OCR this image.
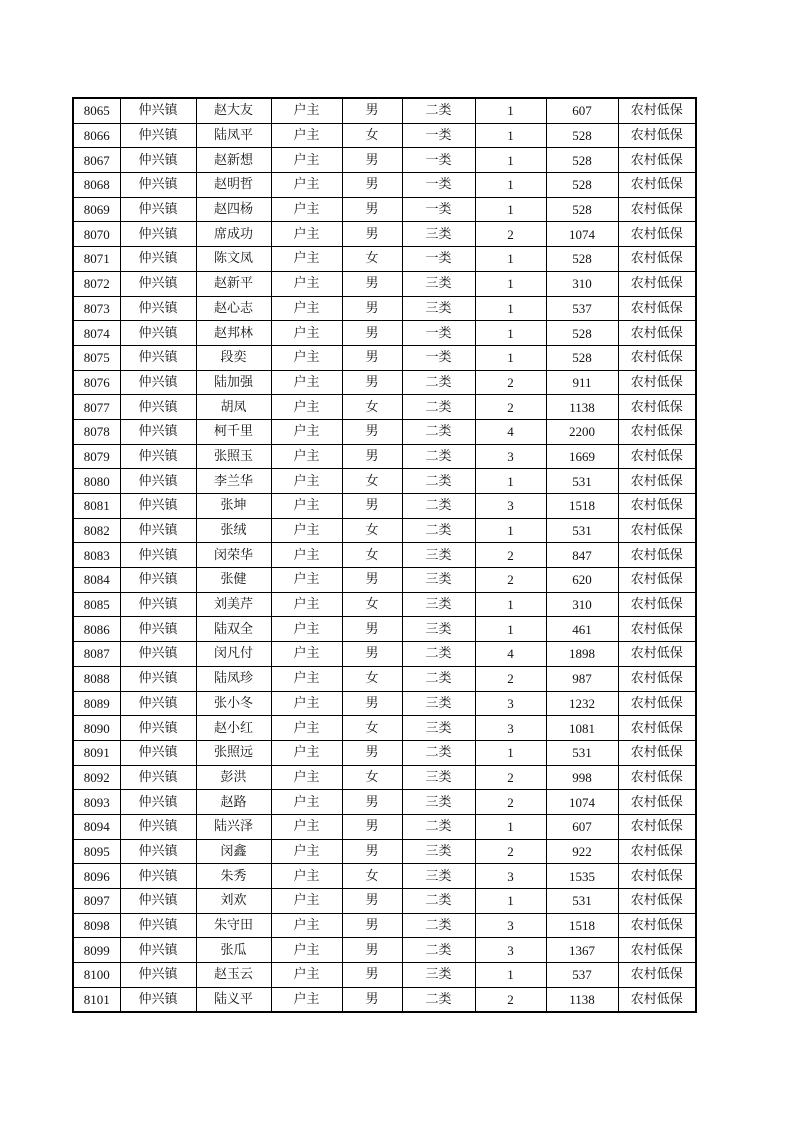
8065	仲兴镇	赵大友	户主	男	二类	1	607	农村低保
8066	仲兴镇	陆凤平	户主	女	一类	1	528	农村低保
8067	仲兴镇	赵新想	户主	男	一类	1	528	农村低保
8068	仲兴镇	赵明哲	户主	男	一类	1	528	农村低保
8069	仲兴镇	赵四杨	户主	男	一类	1	528	农村低保
8070	仲兴镇	席成功	户主	男	三类	2	1074	农村低保
8071	仲兴镇	陈文凤	户主	女	一类	1	528	农村低保
8072	仲兴镇	赵新平	户主	男	三类	1	310	农村低保
8073	仲兴镇	赵心志	户主	男	三类	1	537	农村低保
8074	仲兴镇	赵邦林	户主	男	一类	1	528	农村低保
8075	仲兴镇	段奕	户主	男	一类	1	528	农村低保
8076	仲兴镇	陆加强	户主	男	二类	2	911	农村低保
8077	仲兴镇	胡凤	户主	女	二类	2	1138	农村低保
8078	仲兴镇	柯千里	户主	男	二类	4	2200	农村低保
8079	仲兴镇	张照玉	户主	男	二类	3	1669	农村低保
8080	仲兴镇	李兰华	户主	女	二类	1	531	农村低保
8081	仲兴镇	张坤	户主	男	二类	3	1518	农村低保
8082	仲兴镇	张绒	户主	女	二类	1	531	农村低保
8083	仲兴镇	闵荣华	户主	女	三类	2	847	农村低保
8084	仲兴镇	张健	户主	男	三类	2	620	农村低保
8085	仲兴镇	刘美芹	户主	女	三类	1	310	农村低保
8086	仲兴镇	陆双全	户主	男	三类	1	461	农村低保
8087	仲兴镇	闵凡付	户主	男	二类	4	1898	农村低保
8088	仲兴镇	陆凤珍	户主	女	二类	2	987	农村低保
8089	仲兴镇	张小冬	户主	男	三类	3	1232	农村低保
8090	仲兴镇	赵小红	户主	女	三类	3	1081	农村低保
8091	仲兴镇	张照远	户主	男	二类	1	531	农村低保
8092	仲兴镇	彭洪	户主	女	三类	2	998	农村低保
8093	仲兴镇	赵路	户主	男	三类	2	1074	农村低保
8094	仲兴镇	陆兴泽	户主	男	二类	1	607	农村低保
8095	仲兴镇	闵鑫	户主	男	三类	2	922	农村低保
8096	仲兴镇	朱秀	户主	女	三类	3	1535	农村低保
8097	仲兴镇	刘欢	户主	男	二类	1	531	农村低保
8098	仲兴镇	朱守田	户主	男	二类	3	1518	农村低保
8099	仲兴镇	张瓜	户主	男	二类	3	1367	农村低保
8100	仲兴镇	赵玉云	户主	男	三类	1	537	农村低保
8101	仲兴镇	陆义平	户主	男	二类	2	1138	农村低保
